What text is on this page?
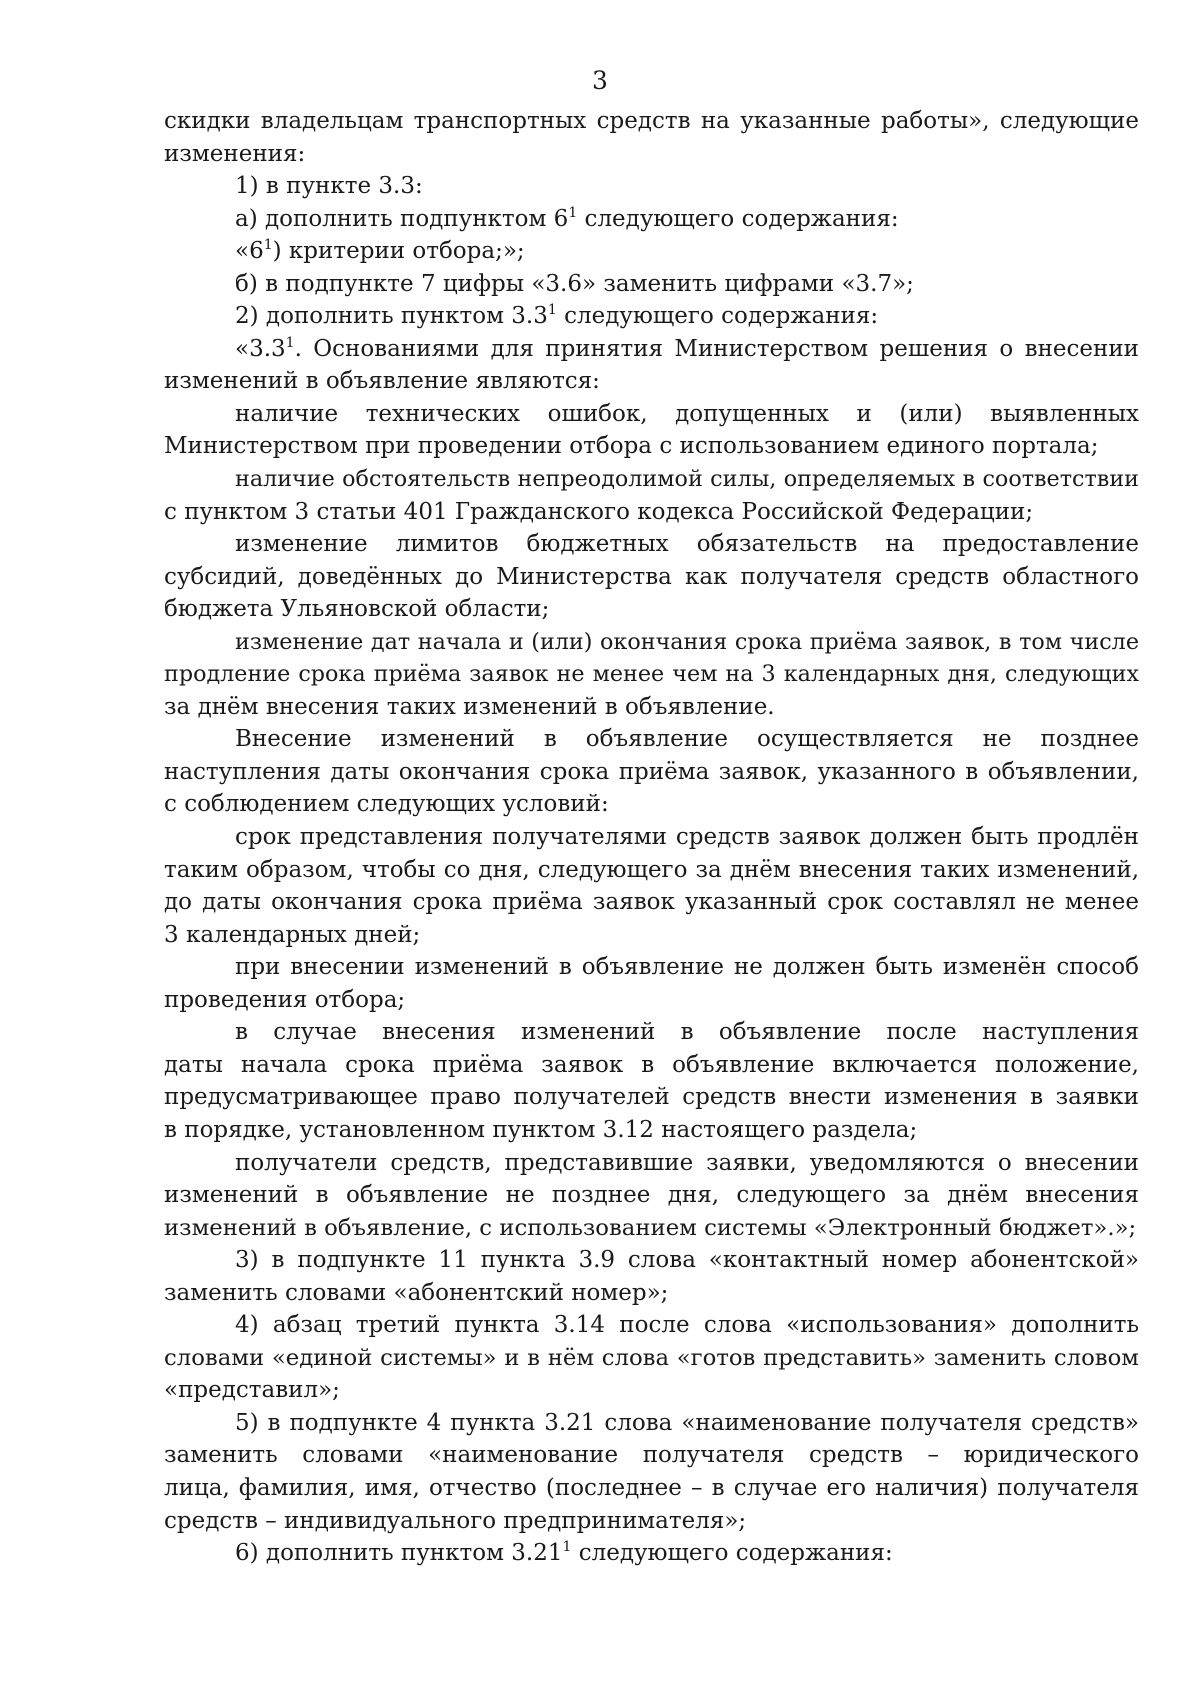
3
скидки владельцам транспортных средств на указанные работы», следующие
изменения:
1) в пункте 3.3:
а) дополнить подпунктом $6^1$ следующего содержания:
«$6^1$) критерии отбора;»;
б) в подпункте 7 цифры «3.6» заменить цифрами «3.7»;
2) дополнить пунктом $3.3^1$ следующего содержания:
«$3.3^1$. Основаниями для принятия Министерством решения о внесении
изменений в объявление являются:
наличие технических ошибок, допущенных и (или) выявленных
Министерством при проведении отбора с использованием единого портала;
наличие обстоятельств непреодолимой силы, определяемых в соответствии
с пунктом 3 статьи 401 Гражданского кодекса Российской Федерации;
изменение лимитов бюджетных обязательств на предоставление
субсидий, доведённых до Министерства как получателя средств областного
бюджета Ульяновской области;
изменение дат начала и (или) окончания срока приёма заявок, в том числе
продление срока приёма заявок не менее чем на 3 календарных дня, следующих
за днём внесения таких изменений в объявление.
Внесение изменений в объявление осуществляется не позднее
наступления даты окончания срока приёма заявок, указанного в объявлении,
с соблюдением следующих условий:
срок представления получателями средств заявок должен быть продлён
таким образом, чтобы со дня, следующего за днём внесения таких изменений,
до даты окончания срока приёма заявок указанный срок составлял не менее
3 календарных дней;
при внесении изменений в объявление не должен быть изменён способ
проведения отбора;
в случае внесения изменений в объявление после наступления
даты начала срока приёма заявок в объявление включается положение,
предусматривающее право получателей средств внести изменения в заявки
в порядке, установленном пунктом 3.12 настоящего раздела;
получатели средств, представившие заявки, уведомляются о внесении
изменений в объявление не позднее дня, следующего за днём внесения
изменений в объявление, с использованием системы «Электронный бюджет».»;
3) в подпункте 11 пункта 3.9 слова «контактный номер абонентской»
заменить словами «абонентский номер»;
4) абзац третий пункта 3.14 после слова «использования» дополнить
словами «единой системы» и в нём слова «готов представить» заменить словом
«представил»;
5) в подпункте 4 пункта 3.21 слова «наименование получателя средств»
заменить словами «наименование получателя средств – юридического
лица, фамилия, имя, отчество (последнее – в случае его наличия) получателя
средств – индивидуального предпринимателя»;
6) дополнить пунктом 3.21$^1$ следующего содержания:
